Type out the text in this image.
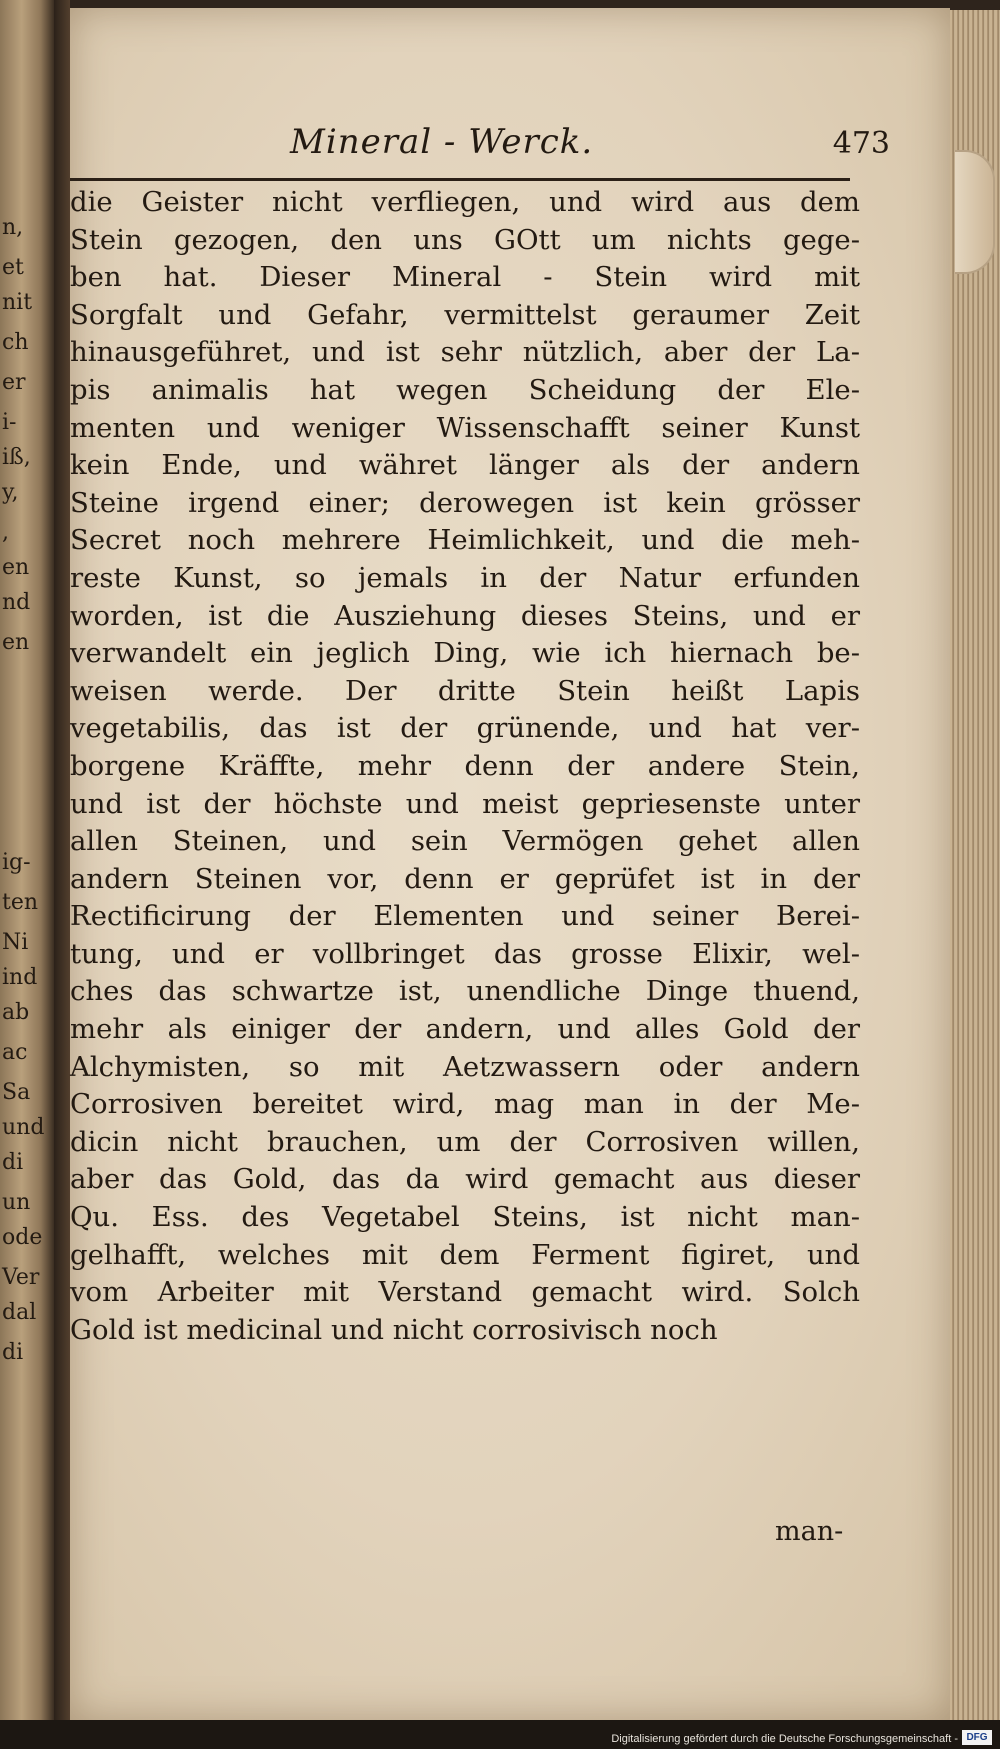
n,
et
nit
ch
er
i-
iß,
y,
,
en
nd
en
ig-
ten
Ni
ind
ab
ac
Sa
und
di
un
ode
Ver
dal
di
Mineral - Werck.	473
die Geister nicht verfliegen, und wird aus dem
Stein gezogen, den uns GOtt um nichts gege-
ben hat. Dieser Mineral - Stein wird mit
Sorgfalt und Gefahr, vermittelst geraumer Zeit
hinausgeführet, und ist sehr nützlich, aber der La-
pis animalis hat wegen Scheidung der Ele-
menten und weniger Wissenschafft seiner Kunst
kein Ende, und währet länger als der andern
Steine irgend einer; derowegen ist kein grösser
Secret noch mehrere Heimlichkeit, und die meh-
reste Kunst, so jemals in der Natur erfunden
worden, ist die Ausziehung dieses Steins, und er
verwandelt ein jeglich Ding, wie ich hiernach be-
weisen werde. Der dritte Stein heißt Lapis
vegetabilis, das ist der grünende, und hat ver-
borgene Kräffte, mehr denn der andere Stein,
und ist der höchste und meist gepriesenste unter
allen Steinen, und sein Vermögen gehet allen
andern Steinen vor, denn er geprüfet ist in der
Rectificirung der Elementen und seiner Berei-
tung, und er vollbringet das grosse Elixir, wel-
ches das schwartze ist, unendliche Dinge thuend,
mehr als einiger der andern, und alles Gold der
Alchymisten, so mit Aetzwassern oder andern
Corrosiven bereitet wird, mag man in der Me-
dicin nicht brauchen, um der Corrosiven willen,
aber das Gold, das da wird gemacht aus dieser
Qu. Ess. des Vegetabel Steins, ist nicht man-
gelhafft, welches mit dem Ferment figiret, und
vom Arbeiter mit Verstand gemacht wird. Solch
Gold ist medicinal und nicht corrosivisch noch
man-
Digitalisierung gefördert durch die Deutsche Forschungsgemeinschaft - DFG
